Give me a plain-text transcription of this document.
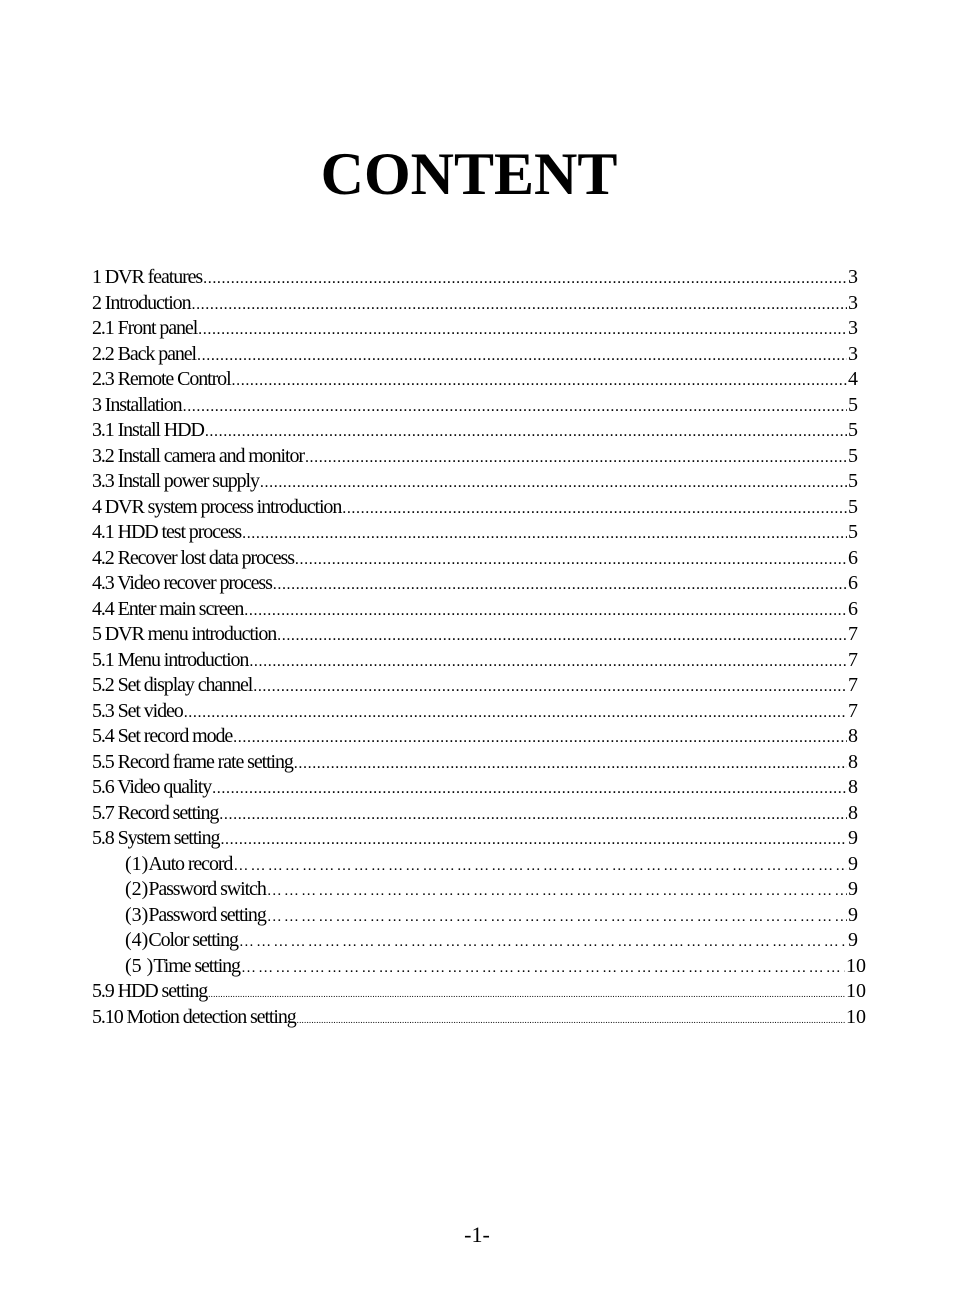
CONTENT
1 DVR features .....	3
2 Introduction .....	3
2.1 Front panel .....	3
2.2 Back panel .....	3
2.3 Remote Control .....	4
3 Installation .....	5
3.1 Install HDD .....	5
3.2 Install camera and monitor .....	5
3.3 Install power supply .....	5
4 DVR system process introduction .....	5
4.1 HDD test process .....	5
4.2 Recover lost data process .....	6
4.3 Video recover process .....	6
4.4 Enter main screen .....	6
5 DVR menu introduction .....	7
5.1 Menu introduction .....	7
5.2 Set display channel .....	7
5.3 Set video .....	7
5.4 Set record mode .....	8
5.5 Record frame rate setting .....	8
5.6 Video quality .....	8
5.7 Record setting .....	8
5.8 System setting .....	9
(1) Auto record ………………………………………………………………………………………………………………………………………………………………………………	9
(2) Password switch ………………………………………………………………………………………………………………………………………………………………………………	9
(3) Password setting ………………………………………………………………………………………………………………………………………………………………………………	9
(4) Color setting ………………………………………………………………………………………………………………………………………………………………………………	9
(5 ) Time setting ………………………………………………………………………………………………………………………………………………………………………………	10
5.9 HDD setting .....	10
5.10 Motion detection setting .....	10
-1-
